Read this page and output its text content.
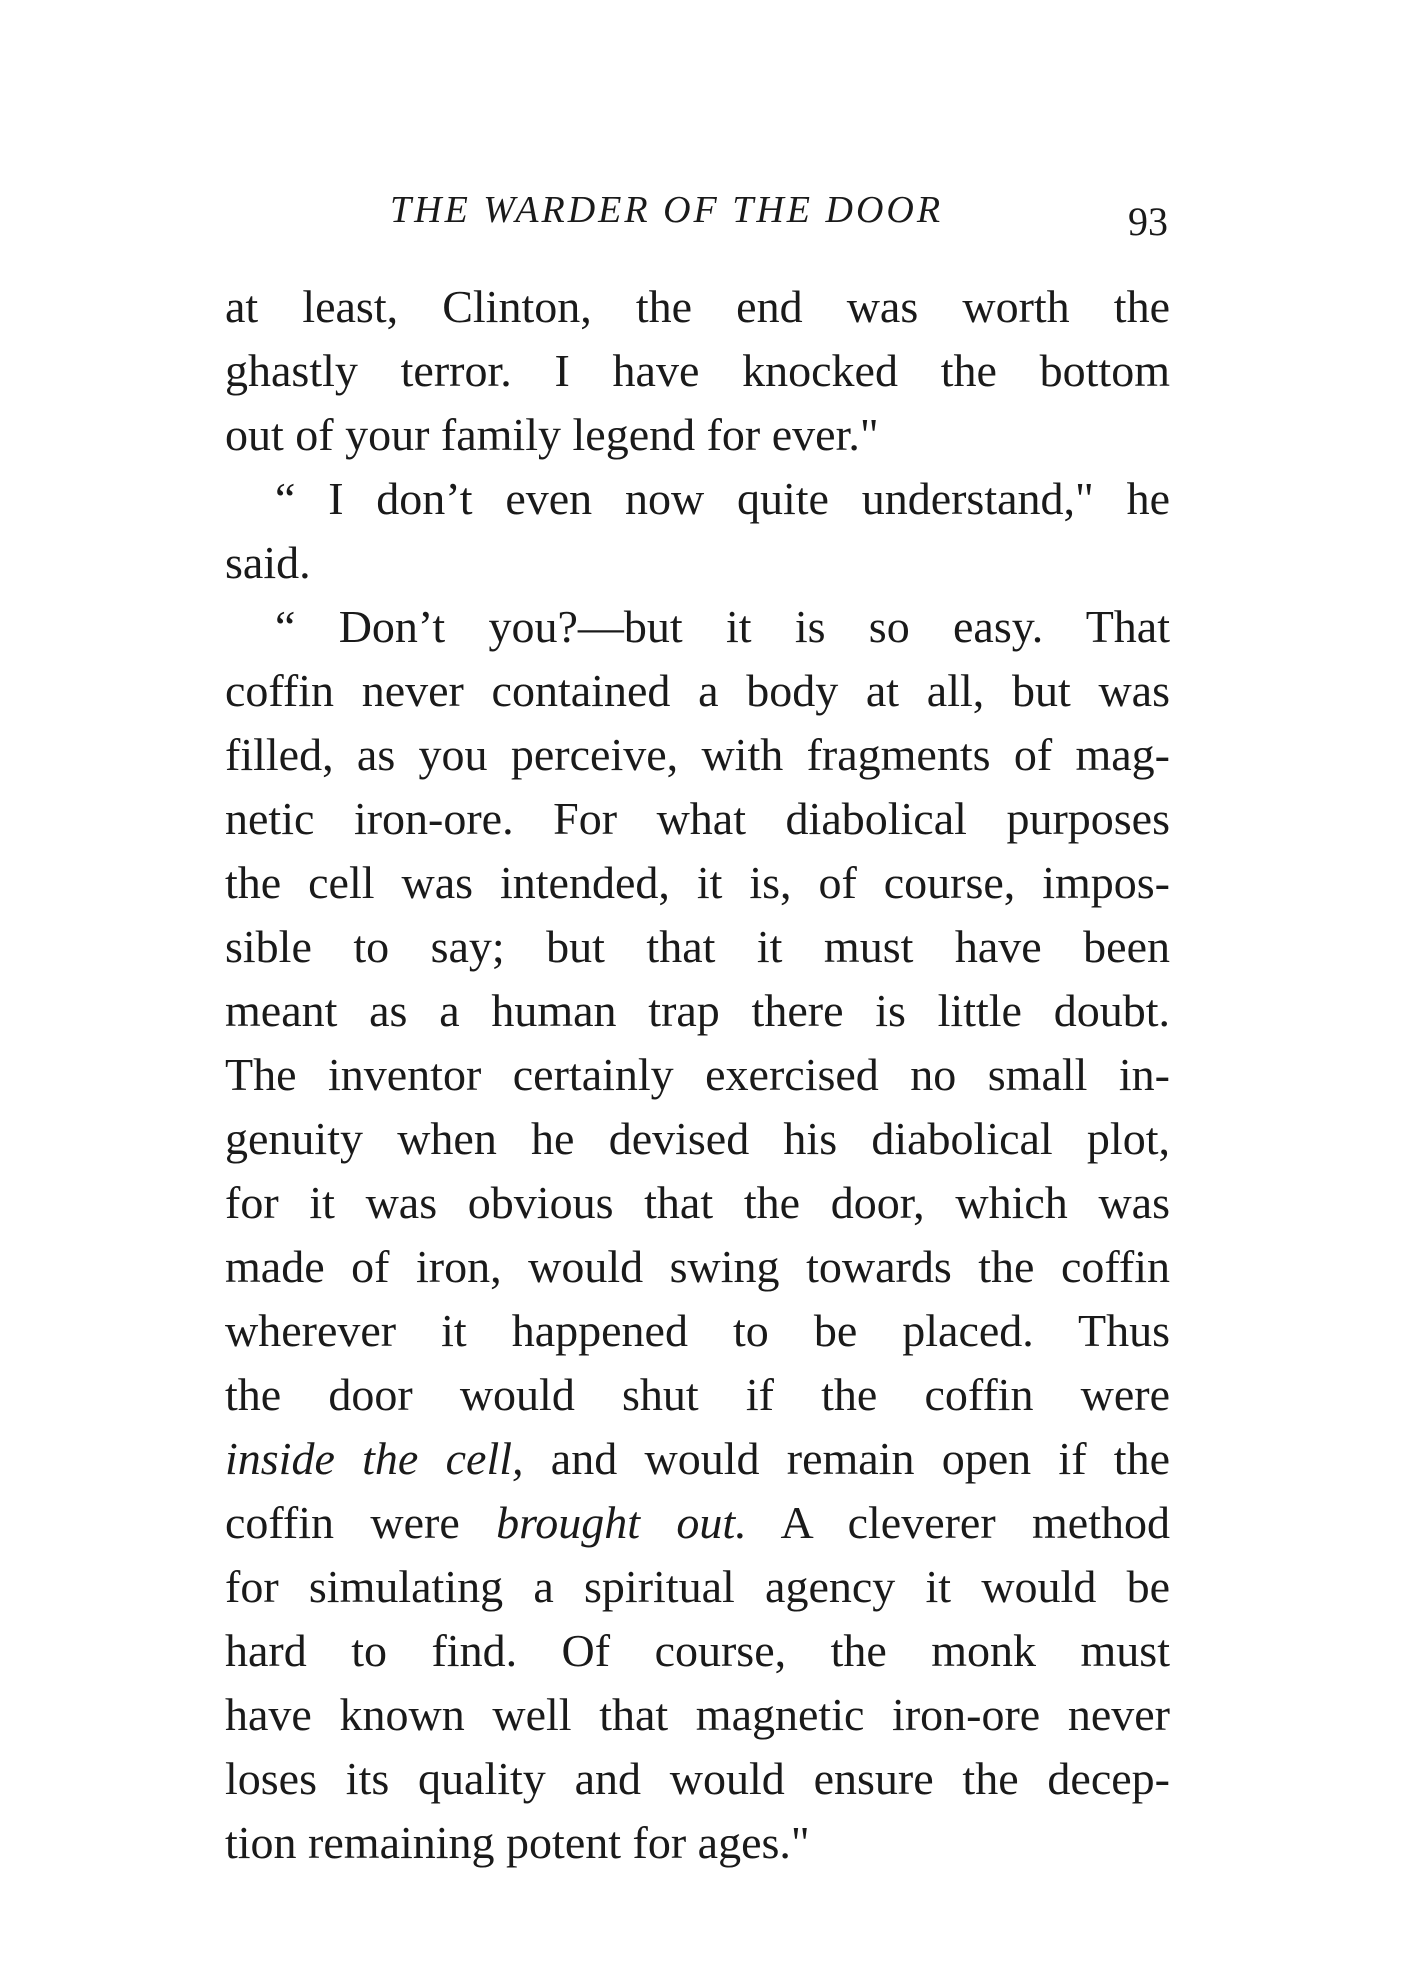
THE WARDER OF THE DOOR	93
at least, Clinton, the end was worth the
ghastly terror. I have knocked the bottom
out of your family legend for ever."
“ I don’t even now quite understand," he
said.
“ Don’t you?—but it is so easy. That
coffin never contained a body at all, but was
filled, as you perceive, with fragments of mag-
netic iron-ore. For what diabolical purposes
the cell was intended, it is, of course, impos-
sible to say; but that it must have been
meant as a human trap there is little doubt.
The inventor certainly exercised no small in-
genuity when he devised his diabolical plot,
for it was obvious that the door, which was
made of iron, would swing towards the coffin
wherever it happened to be placed. Thus
the door would shut if the coffin were
inside the cell, and would remain open if the
coffin were brought out. A cleverer method
for simulating a spiritual agency it would be
hard to find. Of course, the monk must
have known well that magnetic iron-ore never
loses its quality and would ensure the decep-
tion remaining potent for ages."
